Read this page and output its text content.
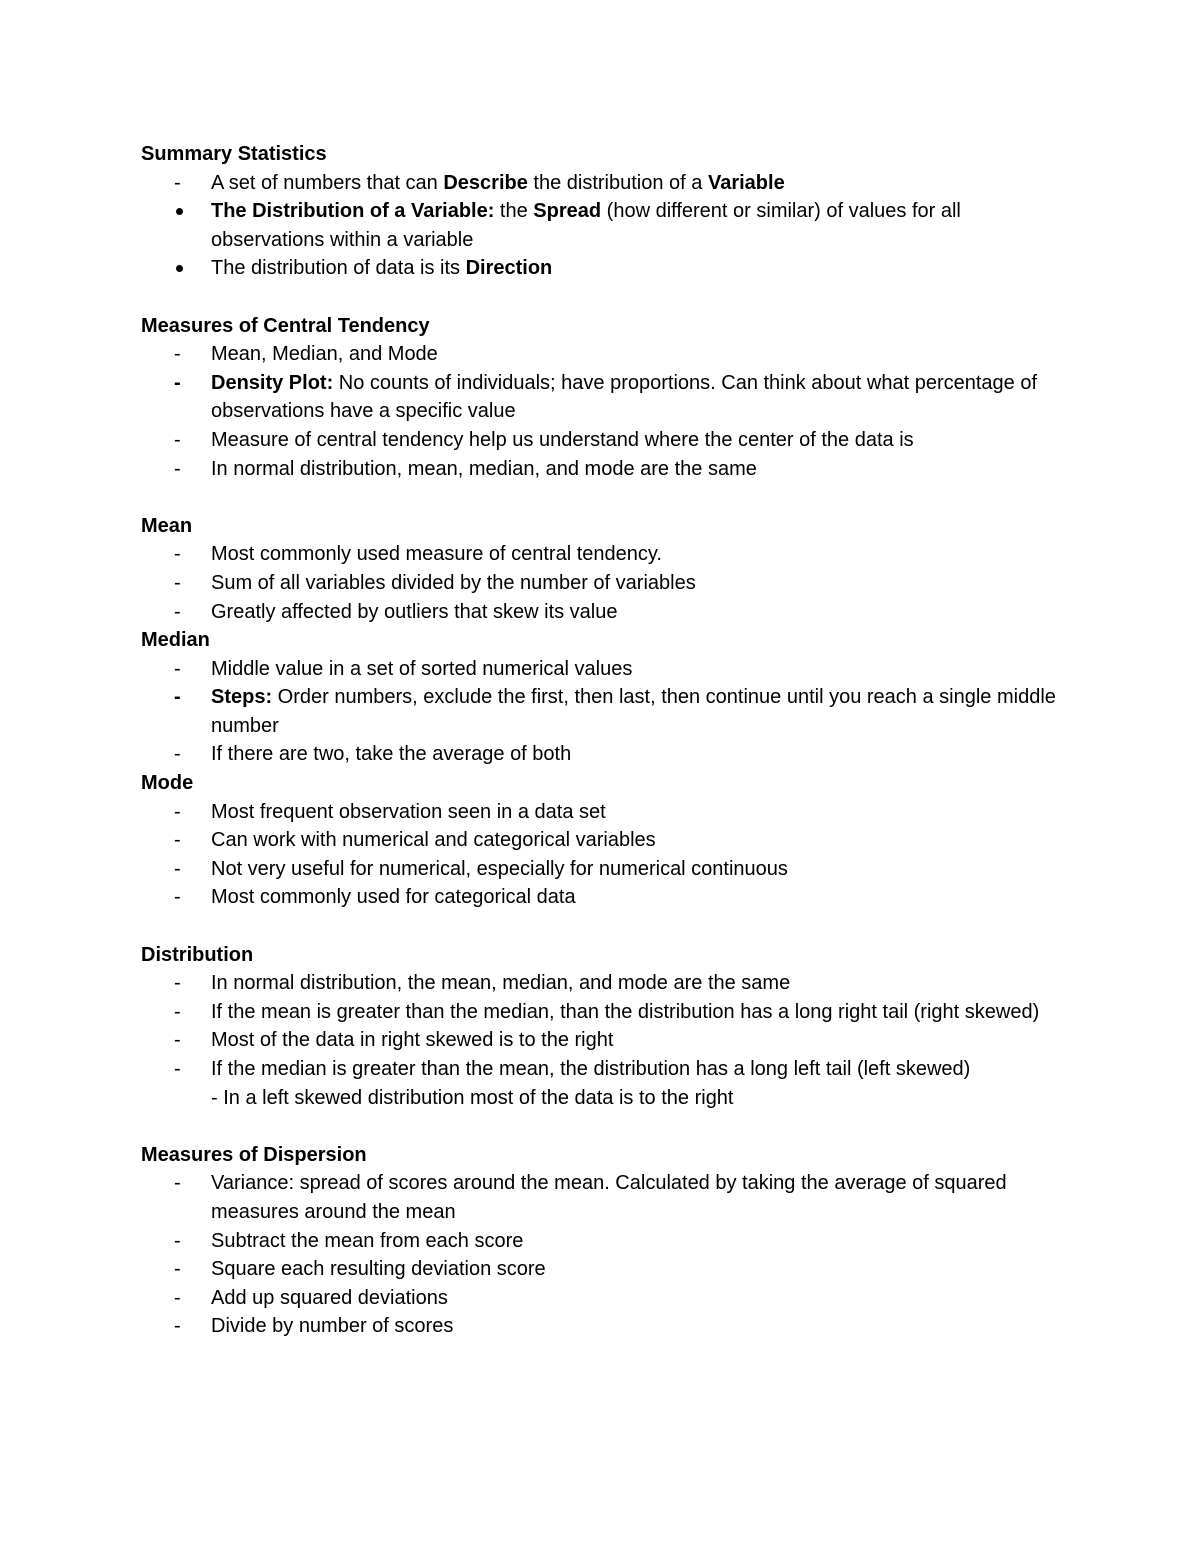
Summary Statistics
-
A set of numbers that can Describe the distribution of a Variable
The Distribution of a Variable: the Spread (how different or similar) of values for all observations within a variable
The distribution of data is its Direction
Measures of Central Tendency
-
Mean, Median, and Mode
-
Density Plot: No counts of individuals; have proportions. Can think about what percentage of observations have a specific value
-
Measure of central tendency help us understand where the center of the data is
-
In normal distribution, mean, median, and mode are the same
Mean
-
Most commonly used measure of central tendency.
-
Sum of all variables divided by the number of variables
-
Greatly affected by outliers that skew its value
Median
-
Middle value in a set of sorted numerical values
-
Steps: Order numbers, exclude the first, then last, then continue until you reach a single middle number
-
If there are two, take the average of both
Mode
-
Most frequent observation seen in a data set
-
Can work with numerical and categorical variables
-
Not very useful for numerical, especially for numerical continuous
-
Most commonly used for categorical data
Distribution
-
In normal distribution, the mean, median, and mode are the same
-
If the mean is greater than the median, than the distribution has a long right tail (right skewed)
-
Most of the data in right skewed is to the right
-
If the median is greater than the mean, the distribution has a long left tail (left skewed)
- In a left skewed distribution most of the data is to the right
Measures of Dispersion
-
Variance: spread of scores around the mean. Calculated by taking the average of squared measures around the mean
-
Subtract the mean from each score
-
Square each resulting deviation score
-
Add up squared deviations
-
Divide by number of scores
